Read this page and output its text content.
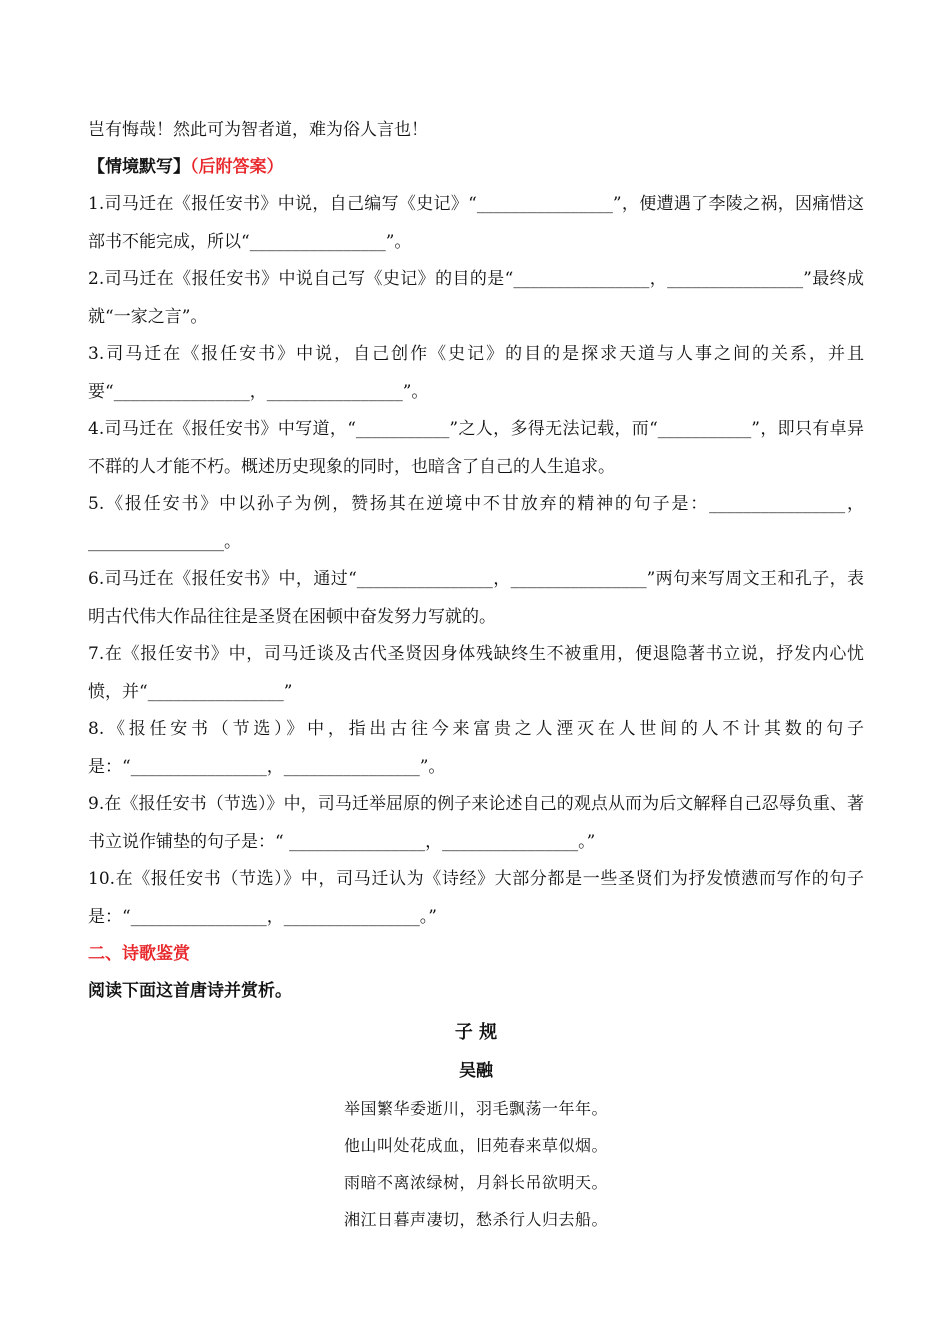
岂有悔哉！然此可为智者道，难为俗人言也！
【情境默写】（后附答案）
1.司马迁在《报任安书》中说，自己编写《史记》“________________”，便遭遇了李陵之祸，因痛惜这部书不能完成，所以“________________”。
2.司马迁在《报任安书》中说自己写《史记》的目的是“________________，________________”最终成就“一家之言”。
3.司马迁在《报任安书》中说，自己创作《史记》的目的是探求天道与人事之间的关系，并且要“________________，________________”。
4.司马迁在《报任安书》中写道，“___________”之人，多得无法记载，而“___________”，即只有卓异不群的人才能不朽。概述历史现象的同时，也暗含了自己的人生追求。
5.《报任安书》中以孙子为例，赞扬其在逆境中不甘放弃的精神的句子是：________________，________________。
6.司马迁在《报任安书》中，通过“________________，________________”两句来写周文王和孔子，表明古代伟大作品往往是圣贤在困顿中奋发努力写就的。
7.在《报任安书》中，司马迁谈及古代圣贤因身体残缺终生不被重用，便退隐著书立说，抒发内心忧愤，并“________________”
8.《报任安书（节选）》中，指出古往今来富贵之人湮灭在人世间的人不计其数的句子是：“________________，________________”。
9.在《报任安书（节选）》中，司马迁举屈原的例子来论述自己的观点从而为后文解释自己忍辱负重、著书立说作铺垫的句子是：“ ________________，________________。”
10.在《报任安书（节选）》中，司马迁认为《诗经》大部分都是一些圣贤们为抒发愤懑而写作的句子是：“________________，________________。”
二、诗歌鉴赏
阅读下面这首唐诗并赏析。
子 规
吴融
举国繁华委逝川，羽毛飘荡一年年。
他山叫处花成血，旧苑春来草似烟。
雨暗不离浓绿树，月斜长吊欲明天。
湘江日暮声凄切，愁杀行人归去船。
